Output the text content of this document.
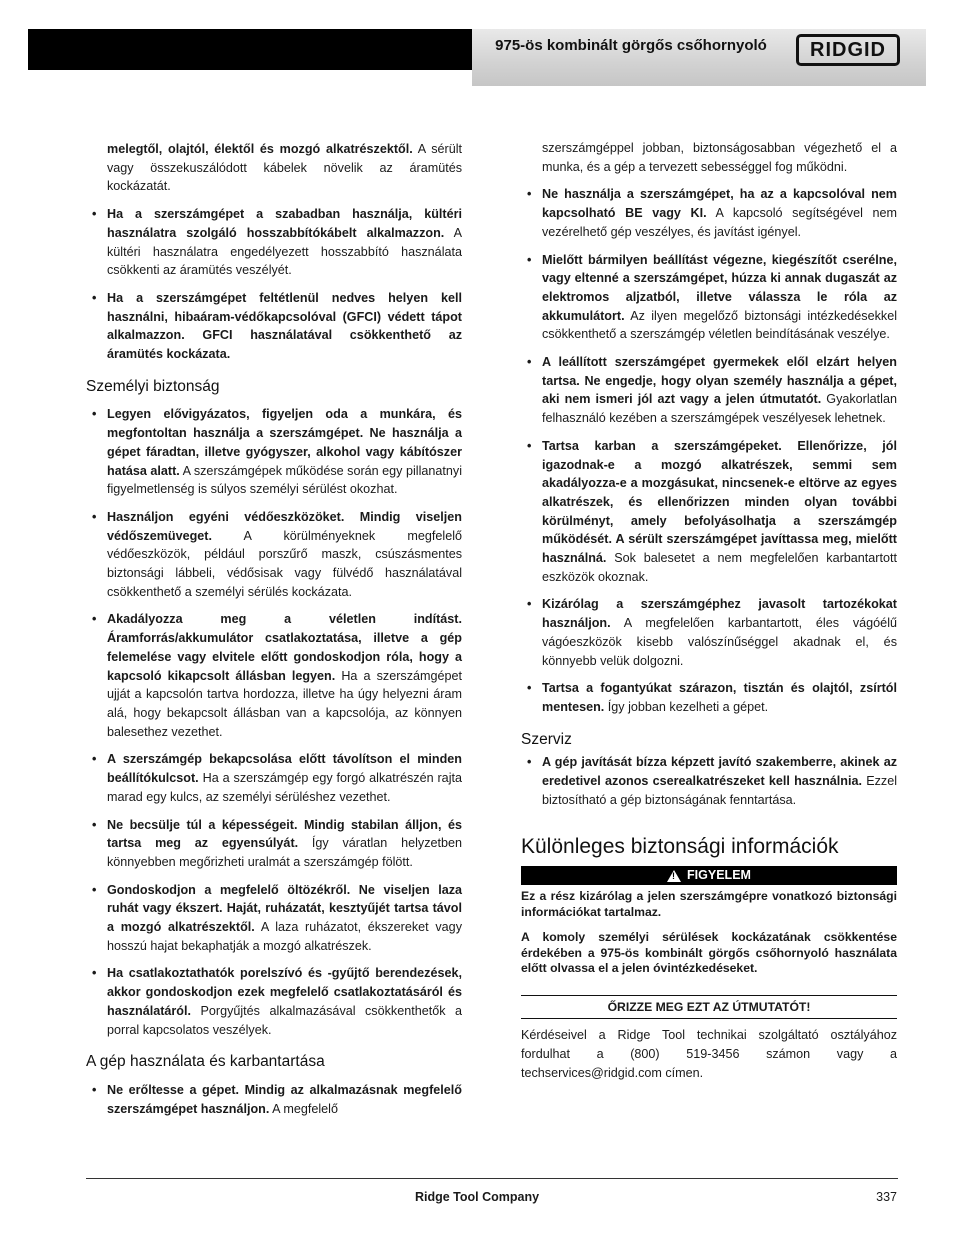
975-ös kombinált görgős csőhornyoló	RIDGID

melegtől, olajtól, élektől és mozgó alkatrészektől. A sérült vagy összekuszálódott kábelek növelik az áramütés kockázatát.

• Ha a szerszámgépet a szabadban használja, kültéri használatra szolgáló hosszabbítókábelt alkalmazzon. A kültéri használatra engedélyezett hosszabbító használata csökkenti az áramütés veszélyét.

• Ha a szerszámgépet feltétlenül nedves helyen kell használni, hibaáram-védőkapcsolóval (GFCI) védett tápot alkalmazzon. GFCI használatával csökkenthető az áramütés kockázata.

Személyi biztonság

• Legyen elővigyázatos, figyeljen oda a munkára, és megfontoltan használja a szerszámgépet. Ne használja a gépet fáradtan, illetve gyógyszer, alkohol vagy kábítószer hatása alatt. A szerszámgépek működése során egy pillanatnyi figyelmetlenség is súlyos személyi sérülést okozhat.

• Használjon egyéni védőeszközöket. Mindig viseljen védőszemüveget. A körülményeknek megfelelő védőeszközök, például porszűrő maszk, csúszásmentes biztonsági lábbeli, védősisak vagy fülvédő használatával csökkenthető a személyi sérülés kockázata.

• Akadályozza meg a véletlen indítást. Áramforrás/akkumulátor csatlakoztatása, illetve a gép felemelése vagy elvitele előtt gondoskodjon róla, hogy a kapcsoló kikapcsolt állásban legyen. Ha a szerszámgépet ujját a kapcsolón tartva hordozza, illetve ha úgy helyezni áram alá, hogy bekapcsolt állásban van a kapcsolója, az könnyen balesethez vezethet.

• A szerszámgép bekapcsolása előtt távolítson el minden beállítókulcsot. Ha a szerszámgép egy forgó alkatrészén rajta marad egy kulcs, az személyi sérüléshez vezethet.

• Ne becsülje túl a képességeit. Mindig stabilan álljon, és tartsa meg az egyensúlyát. Így váratlan helyzetben könnyebben megőrizheti uralmát a szerszámgép fölött.

• Gondoskodjon a megfelelő öltözékről. Ne viseljen laza ruhát vagy ékszert. Haját, ruházatát, kesztyűjét tartsa távol a mozgó alkatrészektől. A laza ruházatot, ékszereket vagy hosszú hajat bekaphatják a mozgó alkatrészek.

• Ha csatlakoztathatók porelszívó és -gyűjtő berendezések, akkor gondoskodjon ezek megfelelő csatlakoztatásáról és használatáról. Porgyűjtés alkalmazásával csökkenthetők a porral kapcsolatos veszélyek.

A gép használata és karbantartása

• Ne erőltesse a gépet. Mindig az alkalmazásnak megfelelő szerszámgépet használjon. A megfelelő

szerszámgéppel jobban, biztonságosabban végezhető el a munka, és a gép a tervezett sebességgel fog működni.

• Ne használja a szerszámgépet, ha az a kapcsolóval nem kapcsolható BE vagy KI. A kapcsoló segítségével nem vezérelhető gép veszélyes, és javítást igényel.

• Mielőtt bármilyen beállítást végezne, kiegészítőt cserélne, vagy eltenné a szerszámgépet, húzza ki annak dugaszát az elektromos aljzatból, illetve válassza le róla az akkumulátort. Az ilyen megelőző biztonsági intézkedésekkel csökkenthető a szerszámgép véletlen beindításának veszélye.

• A leállított szerszámgépet gyermekek elől elzárt helyen tartsa. Ne engedje, hogy olyan személy használja a gépet, aki nem ismeri jól azt vagy a jelen útmutatót. Gyakorlatlan felhasználó kezében a szerszámgépek veszélyesek lehetnek.

• Tartsa karban a szerszámgépeket. Ellenőrizze, jól igazodnak-e a mozgó alkatrészek, semmi sem akadályozza-e a mozgásukat, nincsenek-e eltörve az egyes alkatrészek, és ellenőrizzen minden olyan további körülményt, amely befolyásolhatja a szerszámgép működését. A sérült szerszámgépet javíttassa meg, mielőtt használná. Sok balesetet a nem megfelelően karbantartott eszközök okoznak.

• Kizárólag a szerszámgéphez javasolt tartozékokat használjon. A megfelelően karbantartott, éles vágóélű vágóeszközök kisebb valószínűséggel akadnak el, és könnyebb velük dolgozni.

• Tartsa a fogantyúkat szárazon, tisztán és olajtól, zsírtól mentesen. Így jobban kezelheti a gépet.

Szerviz

• A gép javítását bízza képzett javító szakemberre, akinek az eredetivel azonos cserealkatrészeket kell használnia. Ezzel biztosítható a gép biztonságának fenntartása.

Különleges biztonsági információk
! FIGYELEM

Ez a rész kizárólag a jelen szerszámgépre vonatkozó biztonsági információkat tartalmaz.

A komoly személyi sérülések kockázatának csökkentése érdekében a 975-ös kombinált görgős csőhornyoló használata előtt olvassa el a jelen óvintézkedéseket.

ŐRIZZE MEG EZT AZ ÚTMUTATÓT!

Kérdéseivel a Ridge Tool technikai szolgáltató osztályához fordulhat a (800) 519-3456 számon vagy a techservices@ridgid.com címen.

Ridge Tool Company	337
